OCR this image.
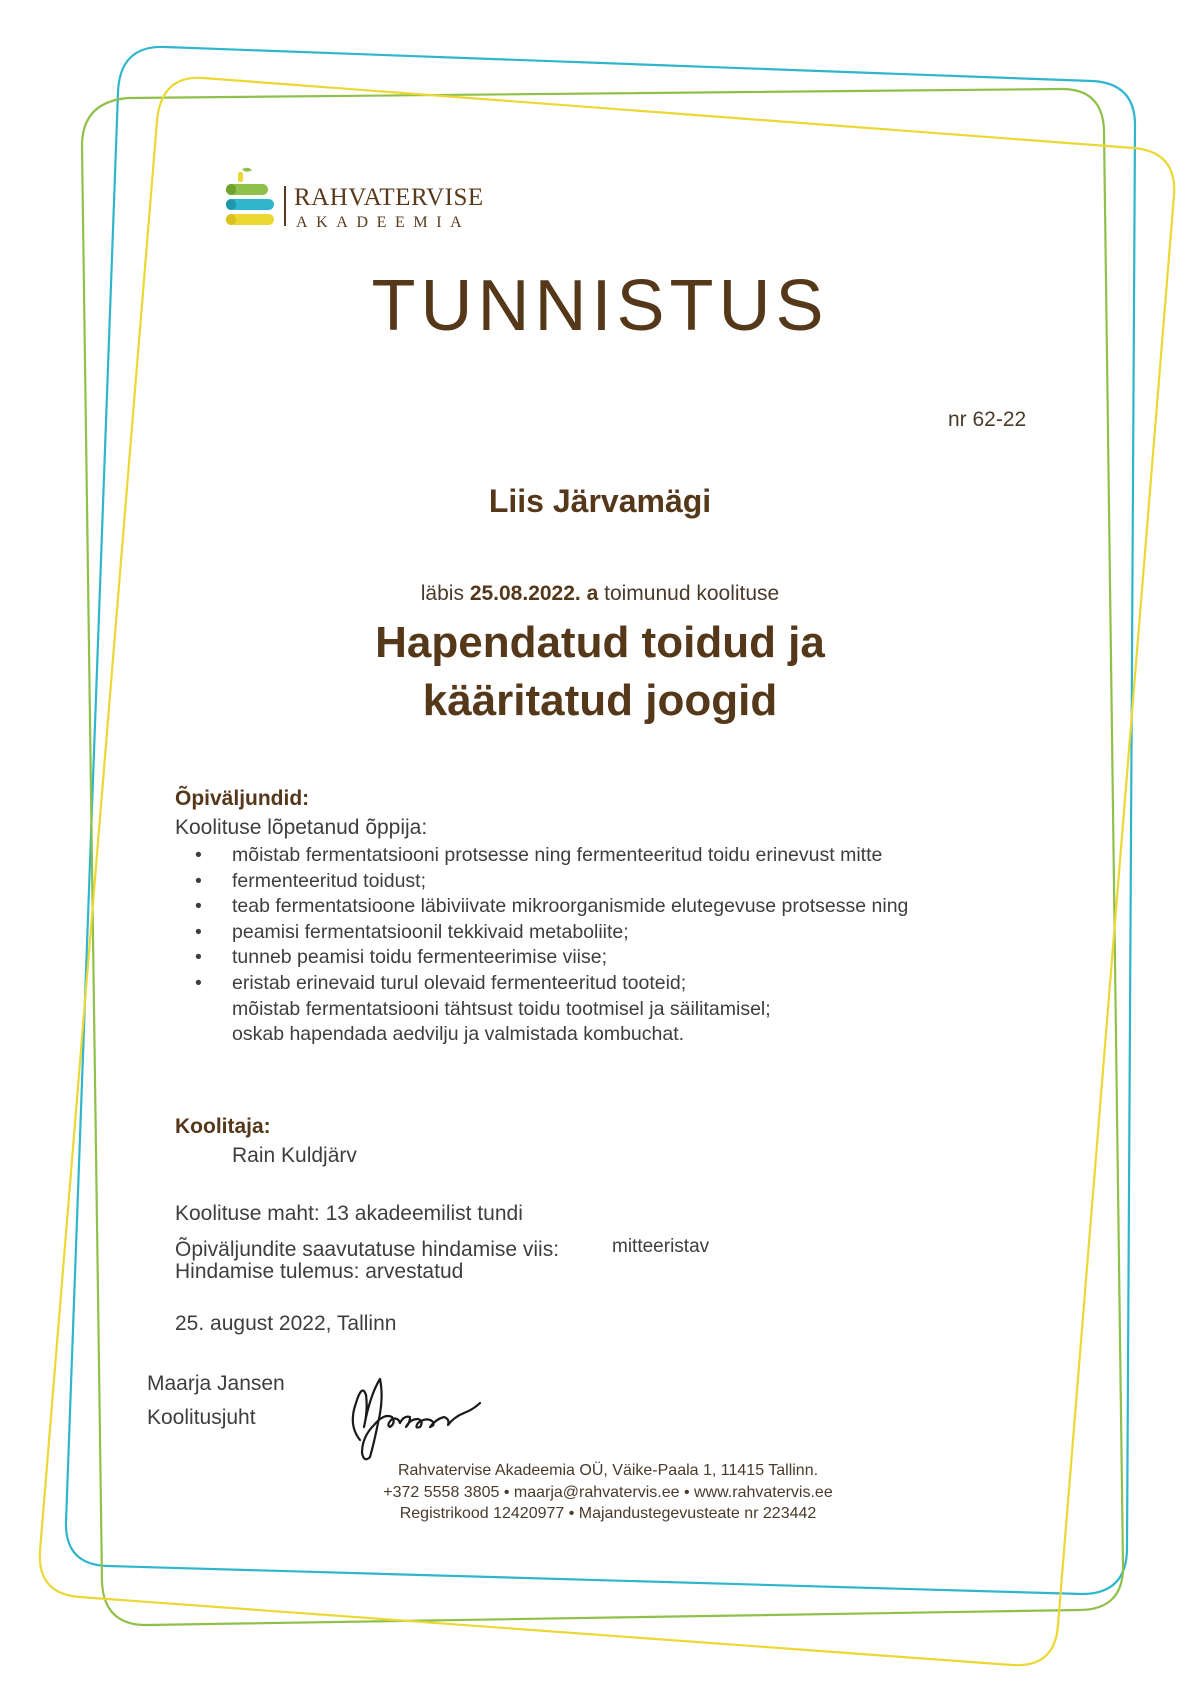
RAHVATERVISE
AKADEEMIA
TUNNISTUS
nr 62-22
Liis Järvamägi
läbis 25.08.2022. a toimunud koolituse
Hapendatud toidud ja
kääritatud joogid
Õpiväljundid:
Koolituse lõpetanud õppija:
• mõistab fermentatsiooni protsesse ning fermenteeritud toidu erinevust mitte
• fermenteeritud toidust;
• teab fermentatsioone läbiviivate mikroorganismide elutegevuse protsesse ning
• peamisi fermentatsioonil tekkivaid metaboliite;
• tunneb peamisi toidu fermenteerimise viise;
• eristab erinevaid turul olevaid fermenteeritud tooteid;
mõistab fermentatsiooni tähtsust toidu tootmisel ja säilitamisel;
oskab hapendada aedvilju ja valmistada kombuchat.
Koolitaja:
Rain Kuldjärv
Koolituse maht: 13 akadeemilist tundi
Õpiväljundite saavutatuse hindamise viis:	mitteeristav
Hindamise tulemus: arvestatud
25. august 2022, Tallinn
Maarja Jansen
Koolitusjuht
Rahvatervise Akadeemia OÜ, Väike-Paala 1, 11415 Tallinn.
+372 5558 3805 • maarja@rahvatervis.ee • www.rahvatervis.ee
Registrikood 12420977 • Majandustegevusteate nr 223442
